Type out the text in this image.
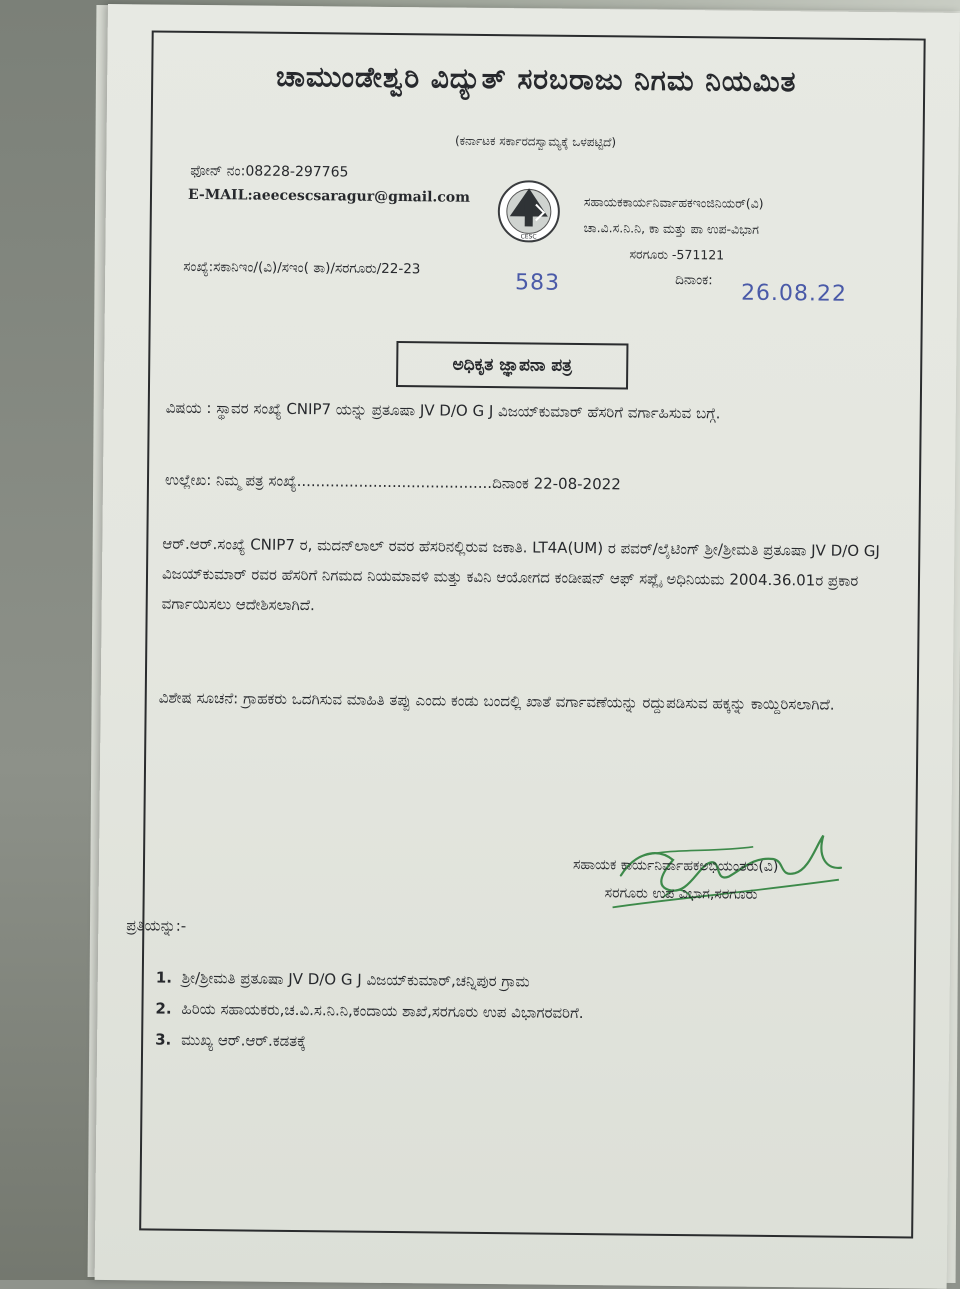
ಚಾಮುಂಡೇಶ್ವರಿ ವಿದ್ಯುತ್ ಸರಬರಾಜು ನಿಗಮ ನಿಯಮಿತ
(ಕರ್ನಾಟಕ ಸರ್ಕಾರದಸ್ವಾಮ್ಯಕ್ಕೆ ಒಳಪಟ್ಟಿದೆ)
ಫೋನ್ ನಂ:08228-297765
E-MAIL:aeecescsaragur@gmail.com
CESC
ಸಹಾಯಕಕಾರ್ಯನಿರ್ವಾಹಕಇಂಜಿನಿಯರ್(ವಿ)
ಚಾ.ವಿ.ಸ.ನಿ.ನಿ, ಕಾ ಮತ್ತು ಪಾ ಉಪ-ವಿಭಾಗ
ಸರಗೂರು -571121
ಸಂಖ್ಯೆ:ಸಕಾನಿಇಂ/(ವಿ)/ಸಇಂ( ತಾ)/ಸರಗೂರು/22-23
583	ದಿನಾಂಕ:
26.08.22
ಅಧಿಕೃತ ಜ್ಞಾಪನಾ ಪತ್ರ
ವಿಷಯ : ಸ್ಥಾವರ ಸಂಖ್ಯೆ CNIP7 ಯನ್ನು ಪ್ರತೂಷಾ JV D/O G J ವಿಜಯ್‌ಕುಮಾರ್ ಹೆಸರಿಗೆ ವರ್ಗಾಹಿಸುವ ಬಗ್ಗೆ.
ಉಲ್ಲೇಖ: ನಿಮ್ಮ ಪತ್ರ ಸಂಖ್ಯೆ.........................................ದಿನಾಂಕ 22-08-2022
ಆರ್.ಆರ್.ಸಂಖ್ಯೆ CNIP7 ರ, ಮದನ್‌ಲಾಲ್ ರವರ ಹೆಸರಿನಲ್ಲಿರುವ ಜಕಾತಿ. LT4A(UM) ರ ಪವರ್/ಲೈಟಿಂಗ್ ಶ್ರೀ/ಶ್ರೀಮತಿ ಪ್ರತೂಷಾ JV D/O GJ ವಿಜಯ್‌ಕುಮಾರ್ ರವರ ಹೆಸರಿಗೆ ನಿಗಮದ ನಿಯಮಾವಳಿ ಮತ್ತು ಕವಿನಿ ಆಯೋಗದ ಕಂಡೀಷನ್ ಆಫ್ ಸಪ್ಲೈ ಅಧಿನಿಯಮ 2004.36.01ರ ಪ್ರಕಾರ ವರ್ಗಾಯಿಸಲು ಆದೇಶಿಸಲಾಗಿದೆ.
ವಿಶೇಷ ಸೂಚನೆ: ಗ್ರಾಹಕರು ಒದಗಿಸುವ ಮಾಹಿತಿ ತಪ್ಪು ಎಂದು ಕಂಡು ಬಂದಲ್ಲಿ ಖಾತೆ ವರ್ಗಾವಣೆಯನ್ನು ರದ್ದುಪಡಿಸುವ ಹಕ್ಕನ್ನು ಕಾಯ್ದಿರಿಸಲಾಗಿದೆ.
ಸಹಾಯಕ ಕಾರ್ಯನಿರ್ವಾಹಕಅಭಿಯಂತರು(ವಿ)
ಸರಗೂರು ಉಪ ವಿಭಾಗ,ಸರಗೂರು
ಪ್ರತಿಯನ್ನು:-
1. ಶ್ರೀ/ಶ್ರೀಮತಿ ಪ್ರತೂಷಾ JV D/O G J ವಿಜಯ್‌ಕುಮಾರ್,ಚನ್ನಿಪುರ ಗ್ರಾಮ
2. ಹಿರಿಯ ಸಹಾಯಕರು,ಚ.ವಿ.ಸ.ನಿ.ನಿ,ಕಂದಾಯ ಶಾಖೆ,ಸರಗೂರು ಉಪ ವಿಭಾಗರವರಿಗೆ.
3. ಮುಖ್ಯ ಆರ್.ಆರ್.ಕಡತಕ್ಕೆ
